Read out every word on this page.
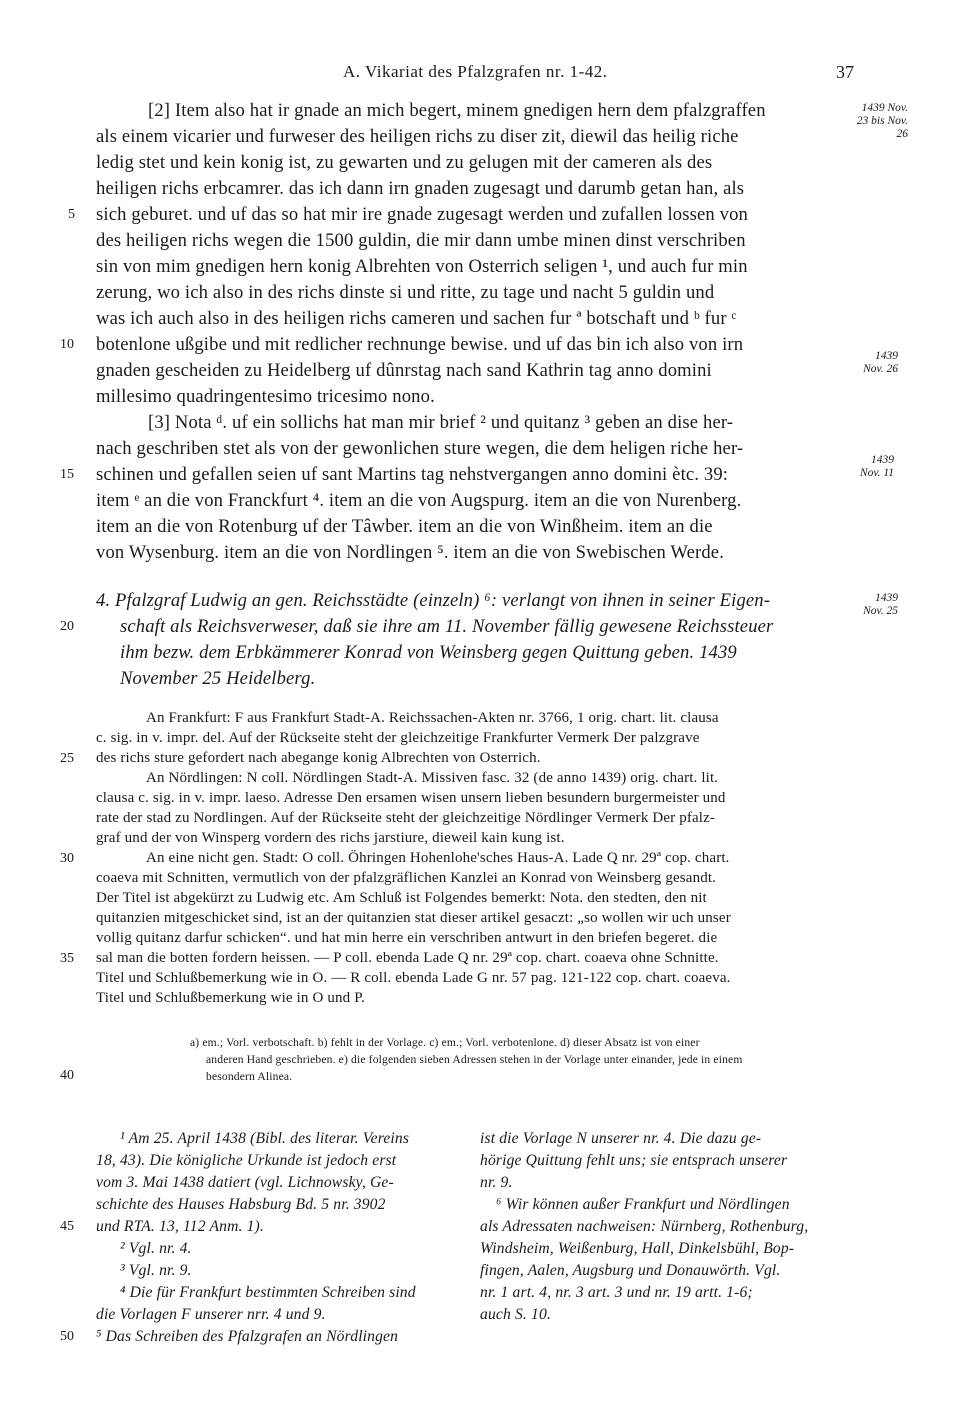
A. Vikariat des Pfalzgrafen nr. 1-42.	37
[2] Item also hat ir gnade an mich begert, minem gnedigen hern dem pfalzgraffen
als einem vicarier und furweser des heiligen richs zu diser zit, diewil das heilig riche
ledig stet und kein konig ist, zu gewarten und zu gelugen mit der cameren als des
heiligen richs erbcamrer. das ich dann irn gnaden zugesagt und darumb getan han, als
sich geburet. und uf das so hat mir ire gnade zugesagt werden und zufallen lossen von
des heiligen richs wegen die 1500 guldin, die mir dann umbe minen dinst verschriben
sin von mim gnedigen hern konig Albrehten von Osterrich seligen ¹, und auch fur min
zerung, wo ich also in des richs dinste si und ritte, zu tage und nacht 5 guldin und
was ich auch also in des heiligen richs cameren und sachen fur ª botschaft und ᵇ fur ᶜ
botenlone ußgibe und mit redlicher rechnunge bewise. und uf das bin ich also von irn
gnaden gescheiden zu Heidelberg uf dûnrstag nach sand Kathrin tag anno domini
millesimo quadringentesimo tricesimo nono.
[3] Nota ᵈ. uf ein sollichs hat man mir brief ² und quitanz ³ geben an dise her-
nach geschriben stet als von der gewonlichen sture wegen, die dem heligen riche her-
schinen und gefallen seien uf sant Martins tag nehstvergangen anno domini ètc. 39:
item ᵉ an die von Franckfurt ⁴. item an die von Augspurg. item an die von Nurenberg.
item an die von Rotenburg uf der Tâwber. item an die von Winßheim. item an die
von Wysenburg. item an die von Nordlingen ⁵. item an die von Swebischen Werde.
4. Pfalzgraf Ludwig an gen. Reichsstädte (einzeln) ⁶: verlangt von ihnen in seiner Eigen-
schaft als Reichsverweser, daß sie ihre am 11. November fällig gewesene Reichssteuer
ihm bezw. dem Erbkämmerer Konrad von Weinsberg gegen Quittung geben. 1439
November 25 Heidelberg.
An Frankfurt: F aus Frankfurt Stadt-A. Reichssachen-Akten nr. 3766, 1 orig. chart. lit. clausa
c. sig. in v. impr. del. Auf der Rückseite steht der gleichzeitige Frankfurter Vermerk Der palzgrave
des richs sture gefordert nach abegange konig Albrechten von Osterrich.
An Nördlingen: N coll. Nördlingen Stadt-A. Missiven fasc. 32 (de anno 1439) orig. chart. lit.
clausa c. sig. in v. impr. laeso. Adresse Den ersamen wisen unsern lieben besundern burgermeister und
rate der stad zu Nordlingen. Auf der Rückseite steht der gleichzeitige Nördlinger Vermerk Der pfalz-
graf und der von Winsperg vordern des richs jarstiure, dieweil kain kung ist.
An eine nicht gen. Stadt: O coll. Öhringen Hohenlohe'sches Haus-A. Lade Q nr. 29ª cop. chart.
coaeva mit Schnitten, vermutlich von der pfalzgräflichen Kanzlei an Konrad von Weinsberg gesandt.
Der Titel ist abgekürzt zu Ludwig etc. Am Schluß ist Folgendes bemerkt: Nota. den stedten, den nit
quitanzien mitgeschicket sind, ist an der quitanzien stat dieser artikel gesaczt: „so wollen wir uch unser
vollig quitanz darfur schicken“. und hat min herre ein verschriben antwurt in den briefen begeret. die
sal man die botten fordern heissen. — P coll. ebenda Lade Q nr. 29ª cop. chart. coaeva ohne Schnitte.
Titel und Schlußbemerkung wie in O. — R coll. ebenda Lade G nr. 57 pag. 121-122 cop. chart. coaeva.
Titel und Schlußbemerkung wie in O und P.
a) em.; Vorl. verbotschaft. b) fehlt in der Vorlage. c) em.; Vorl. verbotenlone. d) dieser Absatz ist von einer
anderen Hand geschrieben. e) die folgenden sieben Adressen stehen in der Vorlage unter einander, jede in einem
besondern Alinea.
¹ Am 25. April 1438 (Bibl. des literar. Vereins
18, 43). Die königliche Urkunde ist jedoch erst
vom 3. Mai 1438 datiert (vgl. Lichnowsky, Ge-
schichte des Hauses Habsburg Bd. 5 nr. 3902
und RTA. 13, 112 Anm. 1).
² Vgl. nr. 4.
³ Vgl. nr. 9.
⁴ Die für Frankfurt bestimmten Schreiben sind
die Vorlagen F unserer nrr. 4 und 9.
⁵ Das Schreiben des Pfalzgrafen an Nördlingen
ist die Vorlage N unserer nr. 4. Die dazu ge-
hörige Quittung fehlt uns; sie entsprach unserer
nr. 9.
⁶ Wir können außer Frankfurt und Nördlingen
als Adressaten nachweisen: Nürnberg, Rothenburg,
Windsheim, Weißenburg, Hall, Dinkelsbühl, Bop-
fingen, Aalen, Augsburg und Donauwörth. Vgl.
nr. 1 art. 4, nr. 3 art. 3 und nr. 19 artt. 1-6;
auch S. 10.
5
10
15
20
25
30
35
40
45
50
1439 Nov. 23 bis Nov. 26
1439 Nov. 26
1439 Nov. 11
1439 Nov. 25
